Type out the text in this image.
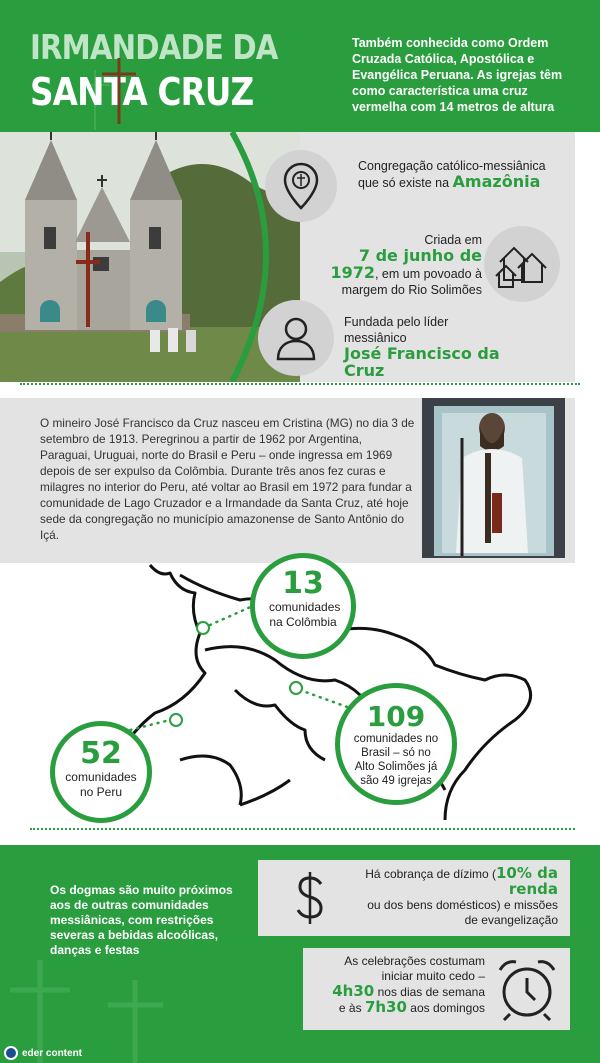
IRMANDADE DA
SANTA CRUZ
Também conhecida como Ordem Cruzada Católica, Apostólica e Evangélica Peruana. As igrejas têm como característica uma cruz vermelha com 14 metros de altura
Congregação católico-messiânica que só existe na Amazônia
Criada em
7 de junho de 1972, em um povoado à margem do Rio Solimões
Fundada pelo líder messiânico
José Francisco da Cruz
O mineiro José Francisco da Cruz nasceu em Cristina (MG) no dia 3 de setembro de 1913. Peregrinou a partir de 1962 por Argentina, Paraguai, Uruguai, norte do Brasil e Peru – onde ingressa em 1969 depois de ser expulso da Colômbia. Durante três anos fez curas e milagres no interior do Peru, até voltar ao Brasil em 1972 para fundar a comunidade de Lago Cruzador e a Irmandade da Santa Cruz, até hoje sede da congregação no município amazonense de Santo Antônio do Içá.
13
comunidades na Colômbia
109
comunidades no Brasil – só no Alto Solimões já são 49 igrejas
52
comunidades no Peru
Os dogmas são muito próximos aos de outras comunidades messiânicas, com restrições severas a bebidas alcoólicas, danças e festas
Há cobrança de dízimo (10% da renda
ou dos bens domésticos) e missões de evangelização
As celebrações costumam iniciar muito cedo –
4h30 nos dias de semana e às 7h30 aos domingos
eder content
